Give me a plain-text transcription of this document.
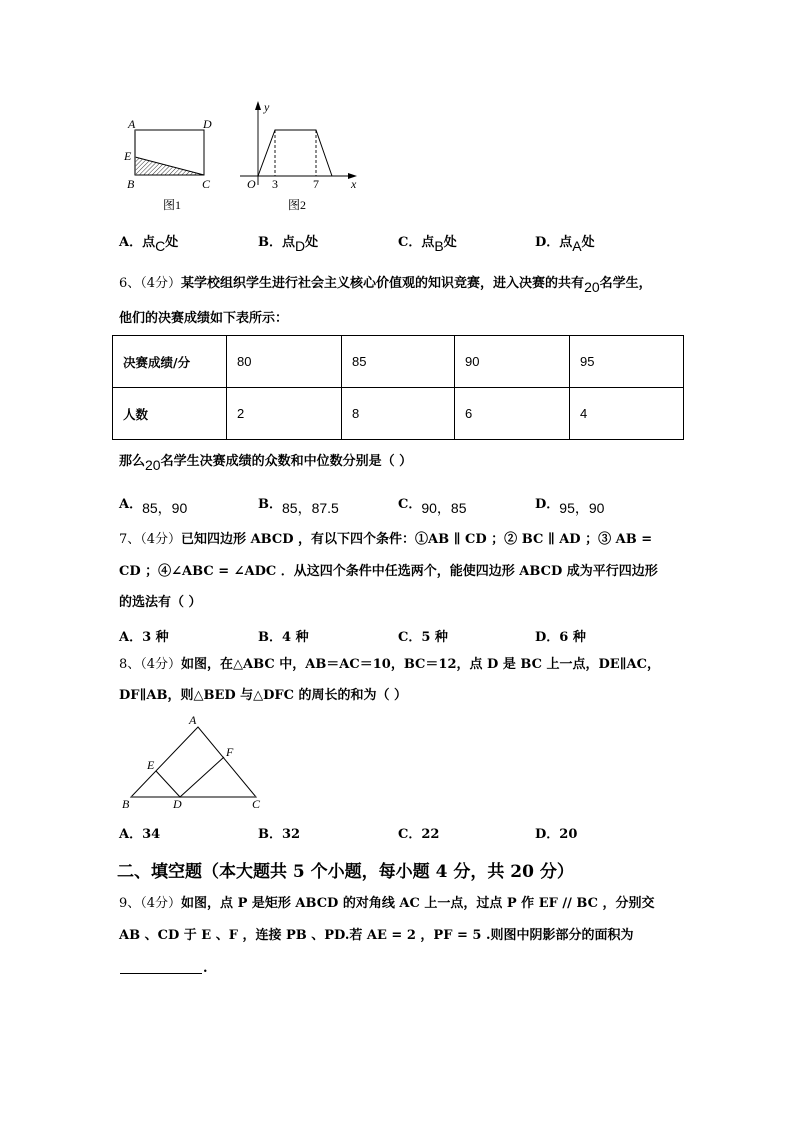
A	D
E
B	C
图1
y
x
O 3	7
图2
A．点C处	B．点D处	C．点B处	D．点A处
6、（4分）某学校组织学生进行社会主义核心价值观的知识竞赛，进入决赛的共有20名学生，
他们的决赛成绩如下表所示：
决赛成绩/分	80	85	90	95
人数	2	8	6	4
那么20名学生决赛成绩的众数和中位数分别是（ ）
A．85，90	B．85，87.5	C．90，85	D．95，90
7、（4分）已知四边形 ABCD ，有以下四个条件：①AB ∥ CD ；② BC ∥ AD ；③ AB =
CD ；④∠ABC = ∠ADC ．从这四个条件中任选两个，能使四边形 ABCD 成为平行四边形
的选法有（ ）
A．3 种	B．4 种	C．5 种	D．6 种
8、（4分）如图，在△ABC 中，AB＝AC＝10，BC＝12，点 D 是 BC 上一点，DE∥AC，
DF∥AB，则△BED 与△DFC 的周长的和为（ ）
A
E
F
B	D	C
A．34	B．32	C．22	D．20
二、填空题（本大题共 5 个小题，每小题 4 分，共 20 分）
9、（4分）如图，点 P 是矩形 ABCD 的对角线 AC 上一点，过点 P 作 EF // BC ，分别交
AB 、CD 于 E 、F ，连接 PB 、PD.若 AE = 2 ，PF = 5 .则图中阴影部分的面积为
.
